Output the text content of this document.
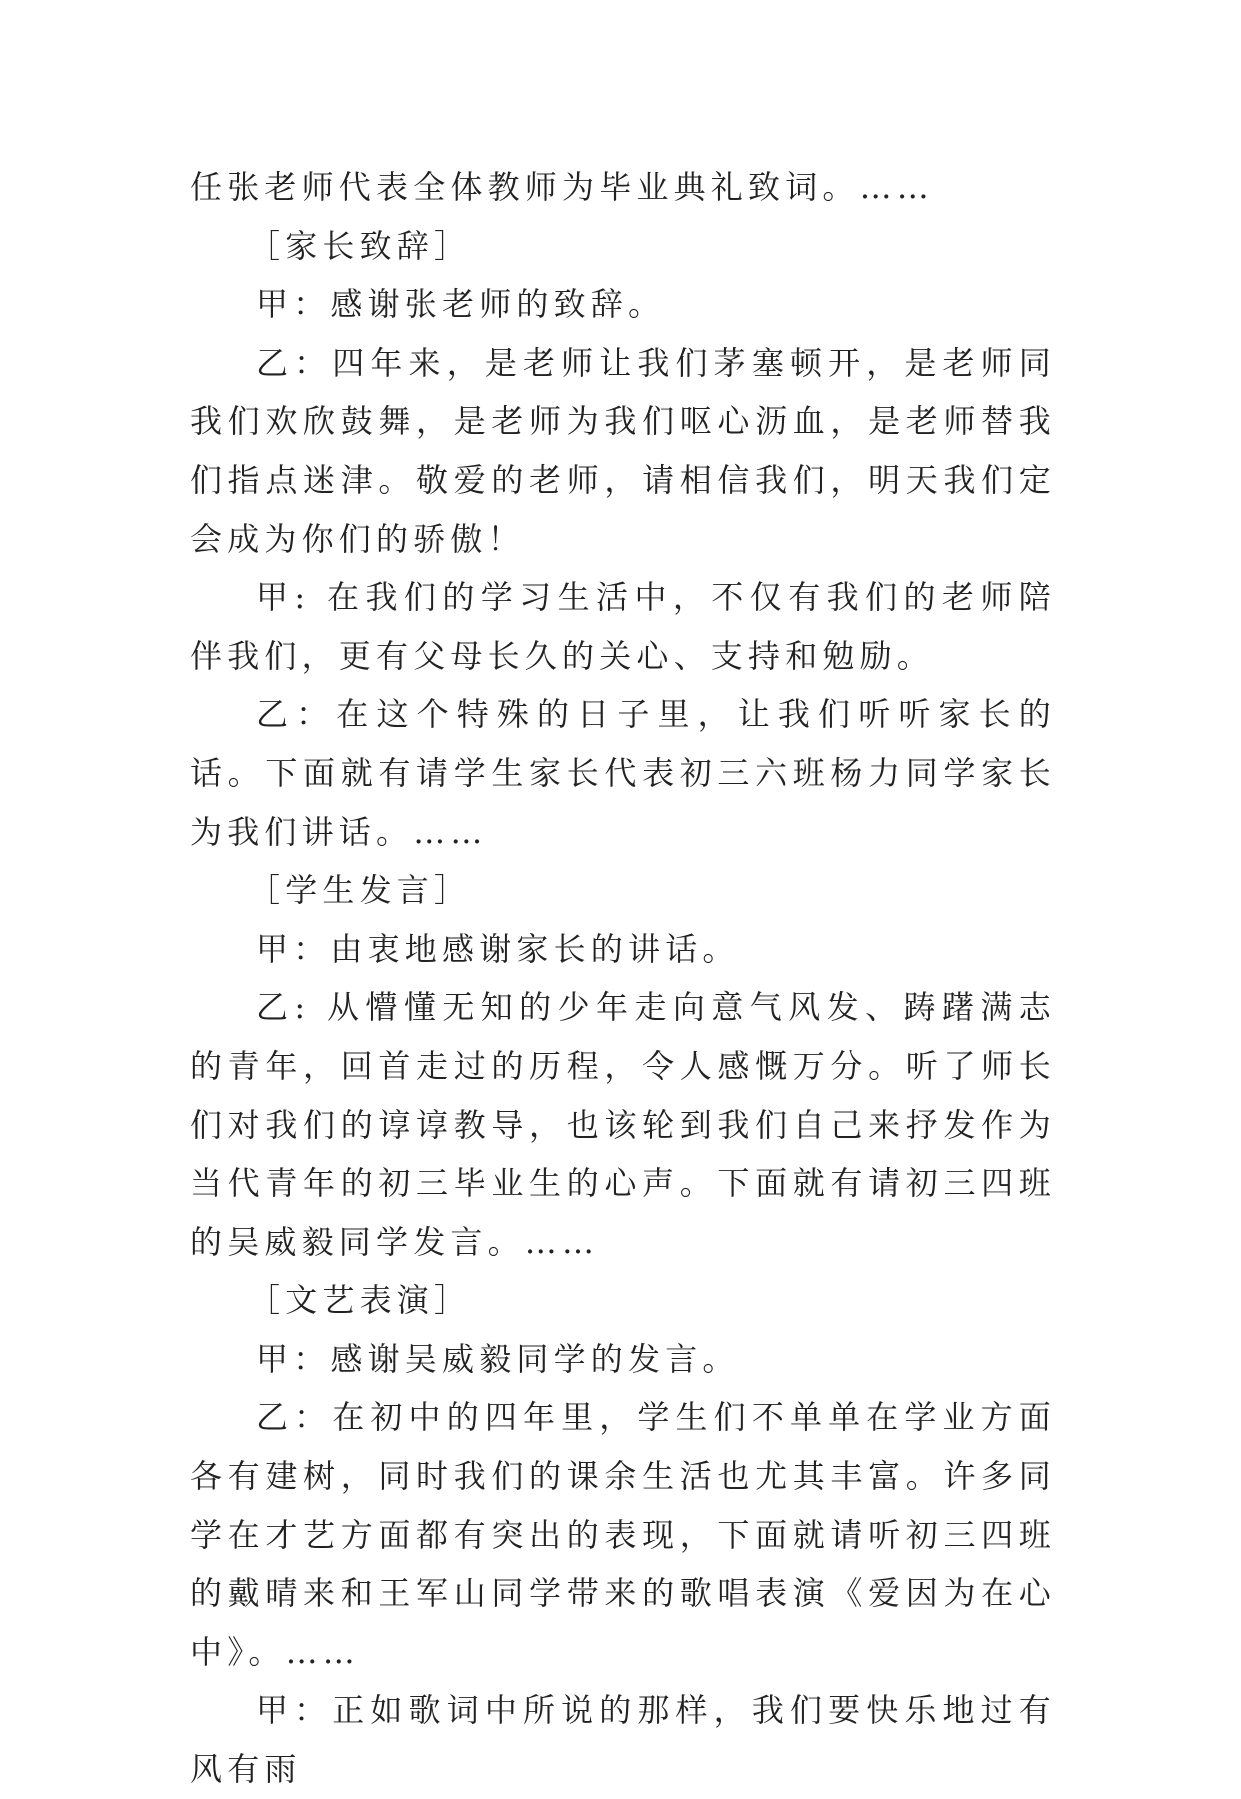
任张老师代表全体教师为毕业典礼致词。……

［家长致辞］

甲：感谢张老师的致辞。

乙：四年来，是老师让我们茅塞顿开，是老师同我们欢欣鼓舞，是老师为我们呕心沥血，是老师替我们指点迷津。敬爱的老师，请相信我们，明天我们定会成为你们的骄傲！

甲: 在我们的学习生活中，不仅有我们的老师陪伴我们，更有父母长久的关心、支持和勉励。

乙：在这个特殊的日子里，让我们听听家长的话。下面就有请学生家长代表初三六班杨力同学家长为我们讲话。……

［学生发言］

甲：由衷地感谢家长的讲话。

乙: 从懵懂无知的少年走向意气风发、踌躇满志的青年，回首走过的历程，令人感慨万分。听了师长们对我们的谆谆教导，也该轮到我们自己来抒发作为当代青年的初三毕业生的心声。下面就有请初三四班的吴威毅同学发言。……

［文艺表演］

甲：感谢吴威毅同学的发言。

乙：在初中的四年里，学生们不单单在学业方面各有建树，同时我们的课余生活也尤其丰富。许多同学在才艺方面都有突出的表现，下面就请听初三四班的戴晴来和王军山同学带来的歌唱表演《爱因为在心中》。……

甲：正如歌词中所说的那样，我们要快乐地过有风有雨
